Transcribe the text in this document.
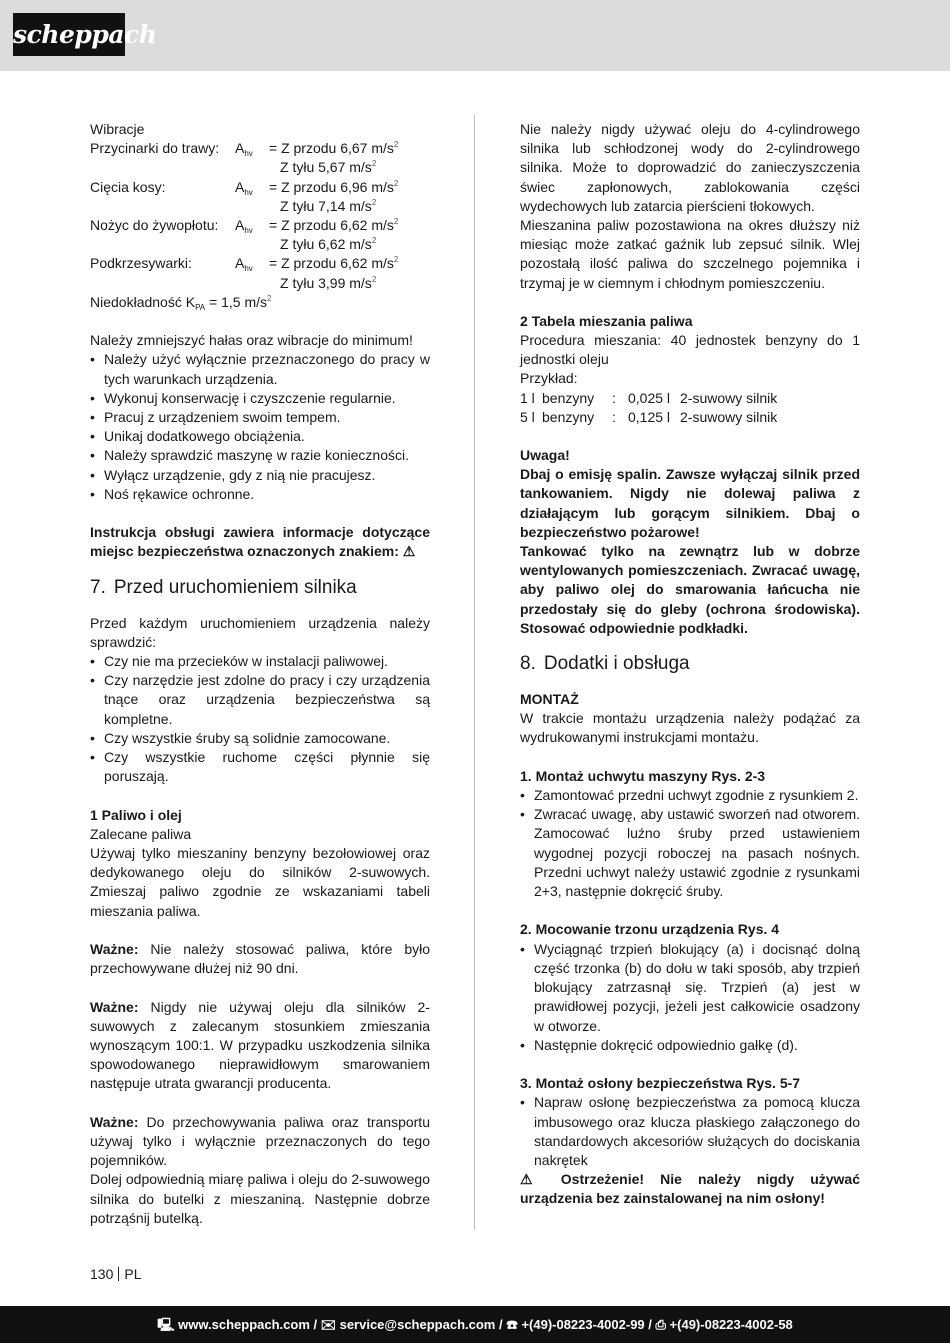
scheppach

Wibracje

Przycinarki do trawy:	$A_{hv}$	= Z przodu 6,67 $m/s^2$
Z tyłu 5,67 $m/s^2$
Cięcia kosy:	$A_{hv}$	= Z przodu 6,96 $m/s^2$
Z tyłu 7,14 $m/s^2$
Nożyc do żywopłotu:	$A_{hv}$	= Z przodu 6,62 $m/s^2$
Z tyłu 6,62 $m/s^2$
Podkrzesywarki:	$A_{hv}$	= Z przodu 6,62 $m/s^2$
Z tyłu 3,99 $m/s^2$

Niedokładność $K_{PA} = 1,5$ $m/s^2$

Należy zmniejszyć hałas oraz wibracje do minimum!

• Należy użyć wyłącznie przeznaczonego do pracy w tych warunkach urządzenia.
• Wykonuj konserwację i czyszczenie regularnie.
• Pracuj z urządzeniem swoim tempem.
• Unikaj dodatkowego obciążenia.
• Należy sprawdzić maszynę w razie konieczności.
• Wyłącz urządzenie, gdy z nią nie pracujesz.
• Noś rękawice ochronne.

Instrukcja obsługi zawiera informacje dotyczące miejsc bezpieczeństwa oznaczonych znakiem: ⚠

7. Przed uruchomieniem silnika

Przed każdym uruchomieniem urządzenia należy sprawdzić:

• Czy nie ma przecieków w instalacji paliwowej.
• Czy narzędzie jest zdolne do pracy i czy urządzenia tnące oraz urządzenia bezpieczeństwa są kompletne.
• Czy wszystkie śruby są solidnie zamocowane.
• Czy wszystkie ruchome części płynnie się poruszają.

1 Paliwo i olej

Zalecane paliwa

Używaj tylko mieszaniny benzyny bezołowiowej oraz dedykowanego oleju do silników 2-suwowych. Zmieszaj paliwo zgodnie ze wskazaniami tabeli mieszania paliwa.

Ważne: Nie należy stosować paliwa, które było przechowywane dłużej niż 90 dni.

Ważne: Nigdy nie używaj oleju dla silników 2-suwowych z zalecanym stosunkiem zmieszania wynoszącym 100:1. W przypadku uszkodzenia silnika spowodowanego nieprawidłowym smarowaniem następuje utrata gwarancji producenta.

Ważne: Do przechowywania paliwa oraz transportu używaj tylko i wyłącznie przeznaczonych do tego pojemników.

Dolej odpowiednią miarę paliwa i oleju do 2-suwowego silnika do butelki z mieszaniną. Następnie dobrze potrząśnij butelką.

Nie należy nigdy używać oleju do 4-cylindrowego silnika lub schłodzonej wody do 2-cylindrowego silnika. Może to doprowadzić do zanieczyszczenia świec zapłonowych, zablokowania części wydechowych lub zatarcia pierścieni tłokowych.

Mieszanina paliw pozostawiona na okres dłuższy niż miesiąc może zatkać gaźnik lub zepsuć silnik. Wlej pozostałą ilość paliwa do szczelnego pojemnika i trzymaj je w ciemnym i chłodnym pomieszczeniu.

2 Tabela mieszania paliwa

Procedura mieszania: 40 jednostek benzyny do 1 jednostki oleju

Przykład:

1 l benzyny	: 0,025 l 2-suwowy silnik
5 l benzyny	: 0,125 l 2-suwowy silnik

Uwaga!

Dbaj o emisję spalin. Zawsze wyłączaj silnik przed tankowaniem. Nigdy nie dolewaj paliwa z działającym lub gorącym silnikiem. Dbaj o bezpieczeństwo pożarowe!

Tankować tylko na zewnątrz lub w dobrze wentylowanych pomieszczeniach. Zwracać uwagę, aby paliwo olej do smarowania łańcucha nie przedostały się do gleby (ochrona środowiska). Stosować odpowiednie podkładki.

8. Dodatki i obsługa

MONTAŻ

W trakcie montażu urządzenia należy podążać za wydrukowanymi instrukcjami montażu.

1. Montaż uchwytu maszyny Rys. 2-3

• Zamontować przedni uchwyt zgodnie z rysunkiem 2.
• Zwracać uwagę, aby ustawić sworzeń nad otworem. Zamocować luźno śruby przed ustawieniem wygodnej pozycji roboczej na pasach nośnych. Przedni uchwyt należy ustawić zgodnie z rysunkami 2+3, następnie dokręcić śruby.

2. Mocowanie trzonu urządzenia Rys. 4

• Wyciągnąć trzpień blokujący (a) i docisnąć dolną część trzonka (b) do dołu w taki sposób, aby trzpień blokujący zatrzasnął się. Trzpień (a) jest w prawidłowej pozycji, jeżeli jest całkowicie osadzony w otworze.
• Następnie dokręcić odpowiednio gałkę (d).

3. Montaż osłony bezpieczeństwa Rys. 5-7

• Napraw osłonę bezpieczeństwa za pomocą klucza imbusowego oraz klucza płaskiego załączonego do standardowych akcesoriów służących do dociskania nakrętek

⚠ Ostrzeżenie! Nie należy nigdy używać urządzenia bez zainstalowanej na nim osłony!

130 PL
🖳 www.scheppach.com / ✉ service@scheppach.com / ☎ +(49)-08223-4002-99 / ⎙ +(49)-08223-4002-58
